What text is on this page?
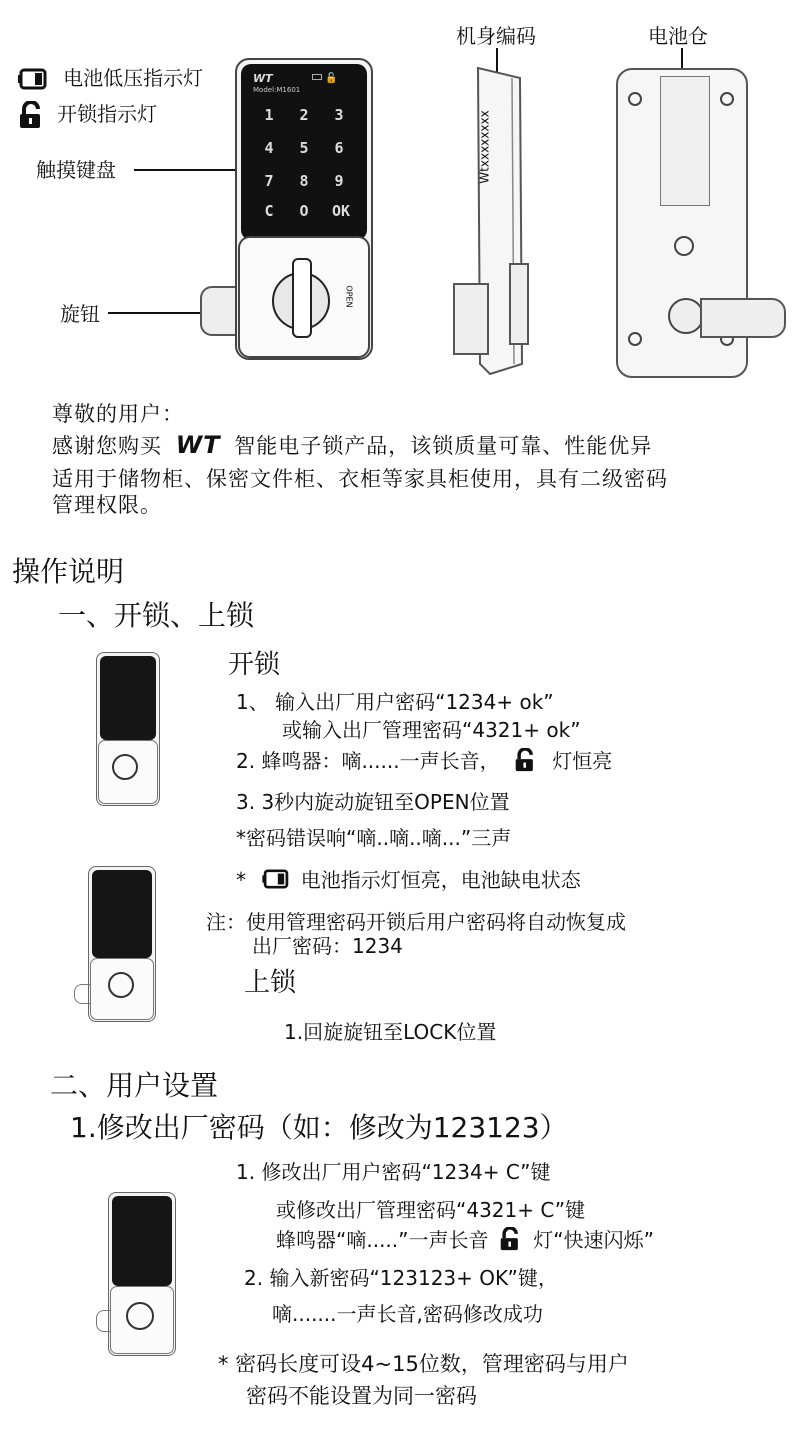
电池低压指示灯
开锁指示灯
触摸键盘
旋钮
WT
Model:M1601
🔓
1	2	3
4	5	6
7	8	9
C	O	OK
OPEN
机身编码
Wtxxxxxxxx
电池仓
尊敬的用户：
感谢您购买 WT 智能电子锁产品，该锁质量可靠、性能优异
适用于储物柜、保密文件柜、衣柜等家具柜使用，具有二级密码
管理权限。
操作说明
一、开锁、上锁
开锁
1、 输入出厂用户密码“1234+ ok”
或输入出厂管理密码“4321+ ok”
2. 蜂鸣器：嘀......一声长音，	灯恒亮
3. 3秒内旋动旋钮至OPEN位置
*密码错误响“嘀..嘀..嘀...”三声
*	电池指示灯恒亮，电池缺电状态
注：使用管理密码开锁后用户密码将自动恢复成
出厂密码：1234
上锁
1.回旋旋钮至LOCK位置
二、用户设置
1.修改出厂密码（如：修改为123123）
1. 修改出厂用户密码“1234+ C”键
或修改出厂管理密码“4321+ C”键
蜂鸣器“嘀.....”一声长音 灯“快速闪烁”
2. 输入新密码“123123+ OK”键，
嘀.......一声长音,密码修改成功
* 密码长度可设4~15位数，管理密码与用户
密码不能设置为同一密码
